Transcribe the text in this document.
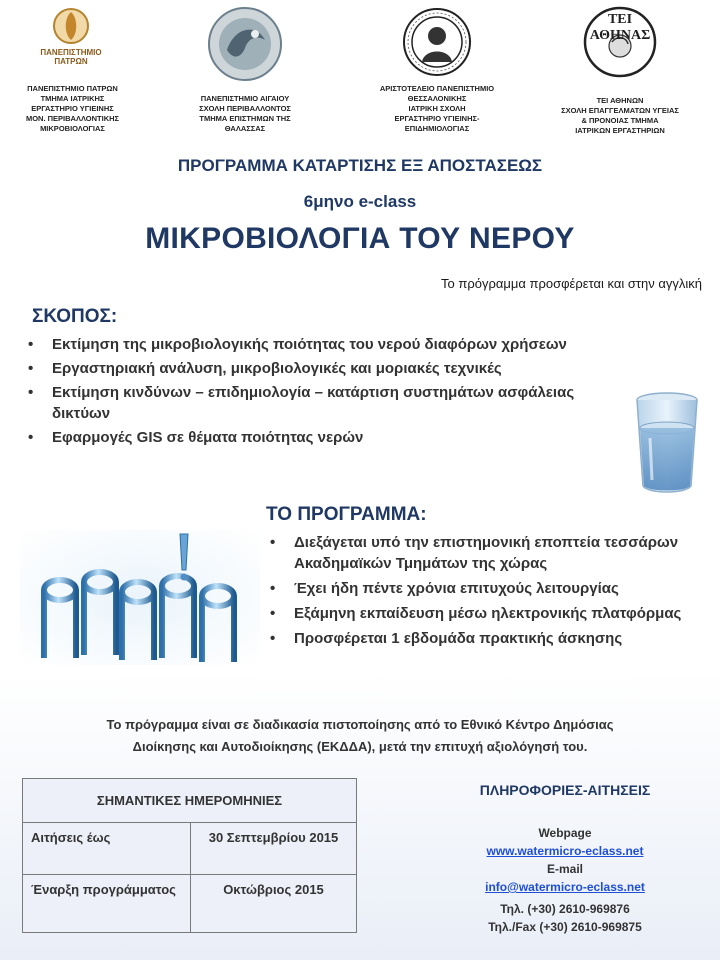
ΠΑΝΕΠΙΣΤΗΜΙΟ ΠΑΤΡΩΝ
ΤΕΙ ΑΘΗΝΑΣ
ΠΑΝΕΠΙΣΤΗΜΙΟ ΠΑΤΡΩΝ
ΤΜΗΜΑ ΙΑΤΡΙΚΗΣ
ΕΡΓΑΣΤΗΡΙΟ ΥΓΙΕΙΝΗΣ
ΜΟΝ. ΠΕΡΙΒΑΛΛΟΝΤΙΚΗΣ
ΜΙΚΡΟΒΙΟΛΟΓΙΑΣ
ΠΑΝΕΠΙΣΤΗΜΙΟ ΑΙΓΑΙΟΥ
ΣΧΟΛΗ ΠΕΡΙΒΑΛΛΟΝΤΟΣ
ΤΜΗΜΑ ΕΠΙΣΤΗΜΩΝ ΤΗΣ
ΘΑΛΑΣΣΑΣ
ΑΡΙΣΤΟΤΕΛΕΙΟ ΠΑΝΕΠΙΣΤΗΜΙΟ
ΘΕΣΣΑΛΟΝΙΚΗΣ
ΙΑΤΡΙΚΗ ΣΧΟΛΗ
ΕΡΓΑΣΤΗΡΙΟ ΥΓΙΕΙΝΗΣ- ΕΠΙΔΗΜΙΟΛΟΓΙΑΣ
ΤΕΙ ΑΘΗΝΩΝ
ΣΧΟΛΗ ΕΠΑΓΓΕΛΜΑΤΩΝ ΥΓΕΙΑΣ
& ΠΡΟΝΟΙΑΣ ΤΜΗΜΑ
ΙΑΤΡΙΚΩΝ ΕΡΓΑΣΤΗΡΙΩΝ
ΠΡΟΓΡΑΜΜΑ ΚΑΤΑΡΤΙΣΗΣ ΕΞ ΑΠΟΣΤΑΣΕΩΣ
6μηνο e-class
ΜΙΚΡΟΒΙΟΛΟΓΙΑ ΤΟΥ ΝΕΡΟΥ
Το πρόγραμμα προσφέρεται και στην αγγλική
ΣΚΟΠΟΣ:
• Εκτίμηση της μικροβιολογικής ποιότητας του νερού διαφόρων χρήσεων
• Εργαστηριακή ανάλυση, μικροβιολογικές και μοριακές τεχνικές
• Εκτίμηση κινδύνων – επιδημιολογία – κατάρτιση συστημάτων ασφάλειας δικτύων
• Εφαρμογές GIS σε θέματα ποιότητας νερών
ΤΟ ΠΡΟΓΡΑΜΜΑ:
• Διεξάγεται υπό την επιστημονική εποπτεία τεσσάρων Ακαδημαϊκών Τμημάτων της χώρας
• Έχει ήδη πέντε χρόνια επιτυχούς λειτουργίας
• Εξάμηνη εκπαίδευση μέσω ηλεκτρονικής πλατφόρμας
• Προσφέρεται 1 εβδομάδα πρακτικής άσκησης
Το πρόγραμμα είναι σε διαδικασία πιστοποίησης από το Εθνικό Κέντρο Δημόσιας
Διοίκησης και Αυτοδιοίκησης (ΕΚΔΔΑ), μετά την επιτυχή αξιολόγησή του.
ΣΗΜΑΝΤΙΚΕΣ ΗΜΕΡΟΜΗΝΙΕΣ	
Αιτήσεις έως	30 Σεπτεμβρίου 2015
Έναρξη προγράμματος	Οκτώβριος 2015
ΠΛΗΡΟΦΟΡΙΕΣ-ΑΙΤΗΣΕΙΣ
Webpage
www.watermicro-eclass.net
E-mail
info@watermicro-eclass.net
Τηλ. (+30) 2610-969876
Τηλ./Fax (+30) 2610-969875
